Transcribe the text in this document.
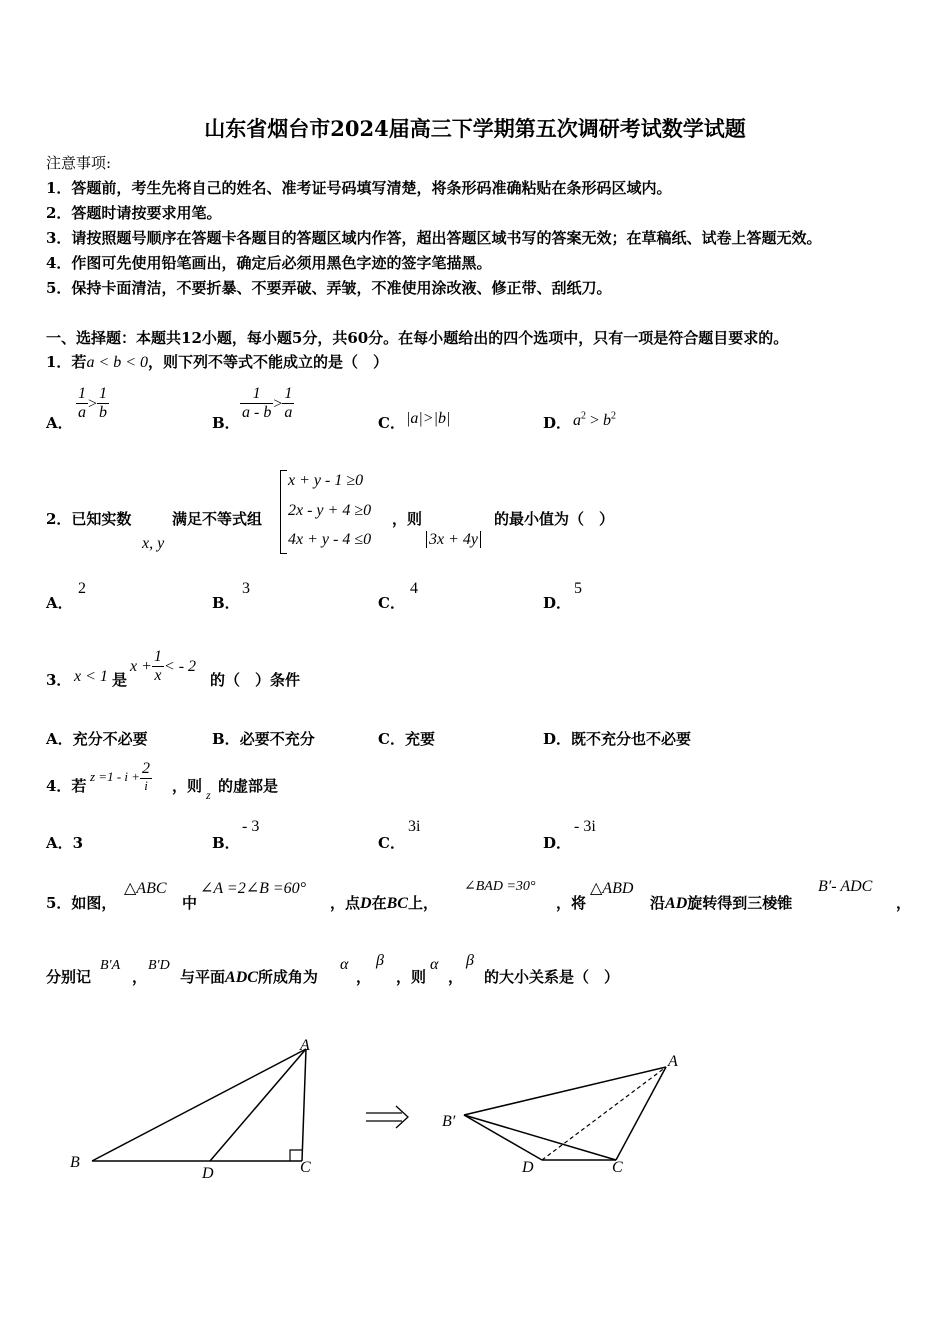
山东省烟台市2024届高三下学期第五次调研考试数学试题
注意事项:
1．答题前，考生先将自己的姓名、准考证号码填写清楚，将条形码准确粘贴在条形码区域内。
2．答题时请按要求用笔。
3．请按照题号顺序在答题卡各题目的答题区域内作答，超出答题区域书写的答案无效；在草稿纸、试卷上答题无效。
4．作图可先使用铅笔画出，确定后必须用黑色字迹的签字笔描黑。
5．保持卡面清洁，不要折暴、不要弄破、弄皱，不准使用涂改液、修正带、刮纸刀。
一、选择题：本题共12小题，每小题5分，共60分。在每小题给出的四个选项中，只有一项是符合题目要求的。
1．若a < b < 0，则下列不等式不能成立的是（　）
A．
$\frac{1}{a} > \frac{1}{b}$
B．
$\frac{1}{a - b} > \frac{1}{a}$
C． |a|>|b|	D． $a^2 > b^2$
2．已知实数
x, y
满足不等式组
x + y - 1 ≥0
2x - y + 4 ≥0
4x + y - 4 ≤0
，则
3x + 4y
的最小值为（　）
A．
2
B．
3
C．
4
D．
5
3． x < 1 是
$x + \frac{1}{x}$ < - 2
的（　）条件
A．充分不必要	B．必要不充分	C．充要	D．既不充分也不必要
4．若
$z =1 - i + \frac{2}{i}$ ，则 z 的虚部是
A．3	B．
- 3
C．
3i
D．
- 3i
5．如图，
△ABC
中
∠A =2∠B =60°
，点D在BC上，
∠BAD =30°
，将
△ABD
沿AD旋转得到三棱锥
B′- ADC
，
分别记
B′A
，
B′D
与平面ADC所成角为
α
，
β
，则
α
，
β
的大小关系是（　）
A
B
D	C
A
B′
D	C
